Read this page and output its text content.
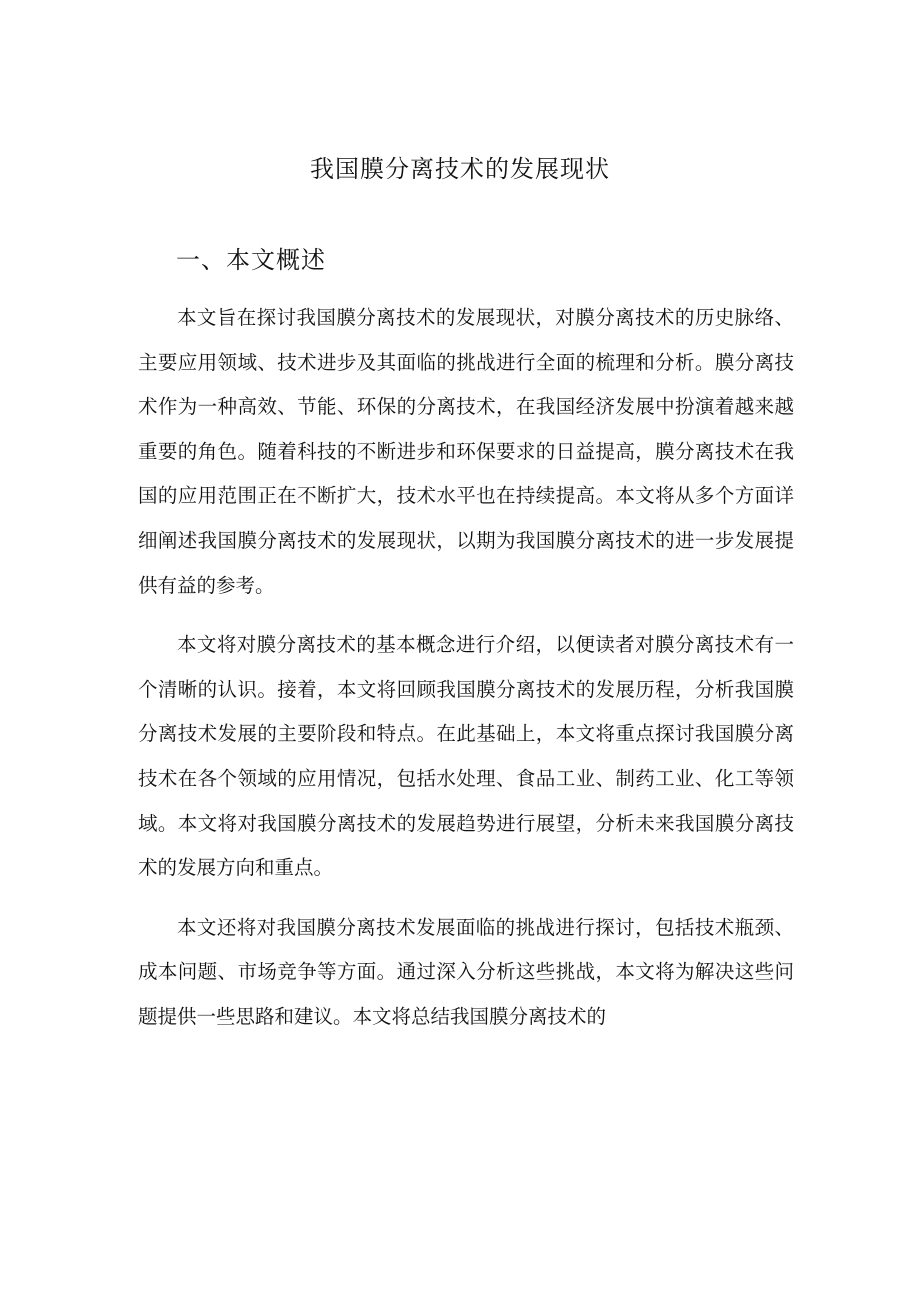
我国膜分离技术的发展现状
一、本文概述

本文旨在探讨我国膜分离技术的发展现状，对膜分离技术的历史脉络、主要应用领域、技术进步及其面临的挑战进行全面的梳理和分析。膜分离技术作为一种高效、节能、环保的分离技术，在我国经济发展中扮演着越来越重要的角色。随着科技的不断进步和环保要求的日益提高，膜分离技术在我国的应用范围正在不断扩大，技术水平也在持续提高。本文将从多个方面详细阐述我国膜分离技术的发展现状，以期为我国膜分离技术的进一步发展提供有益的参考。

本文将对膜分离技术的基本概念进行介绍，以便读者对膜分离技术有一个清晰的认识。接着，本文将回顾我国膜分离技术的发展历程，分析我国膜分离技术发展的主要阶段和特点。在此基础上，本文将重点探讨我国膜分离技术在各个领域的应用情况，包括水处理、食品工业、制药工业、化工等领域。本文将对我国膜分离技术的发展趋势进行展望，分析未来我国膜分离技术的发展方向和重点。

本文还将对我国膜分离技术发展面临的挑战进行探讨，包括技术瓶颈、成本问题、市场竞争等方面。通过深入分析这些挑战，本文将为解决这些问题提供一些思路和建议。本文将总结我国膜分离技术的
